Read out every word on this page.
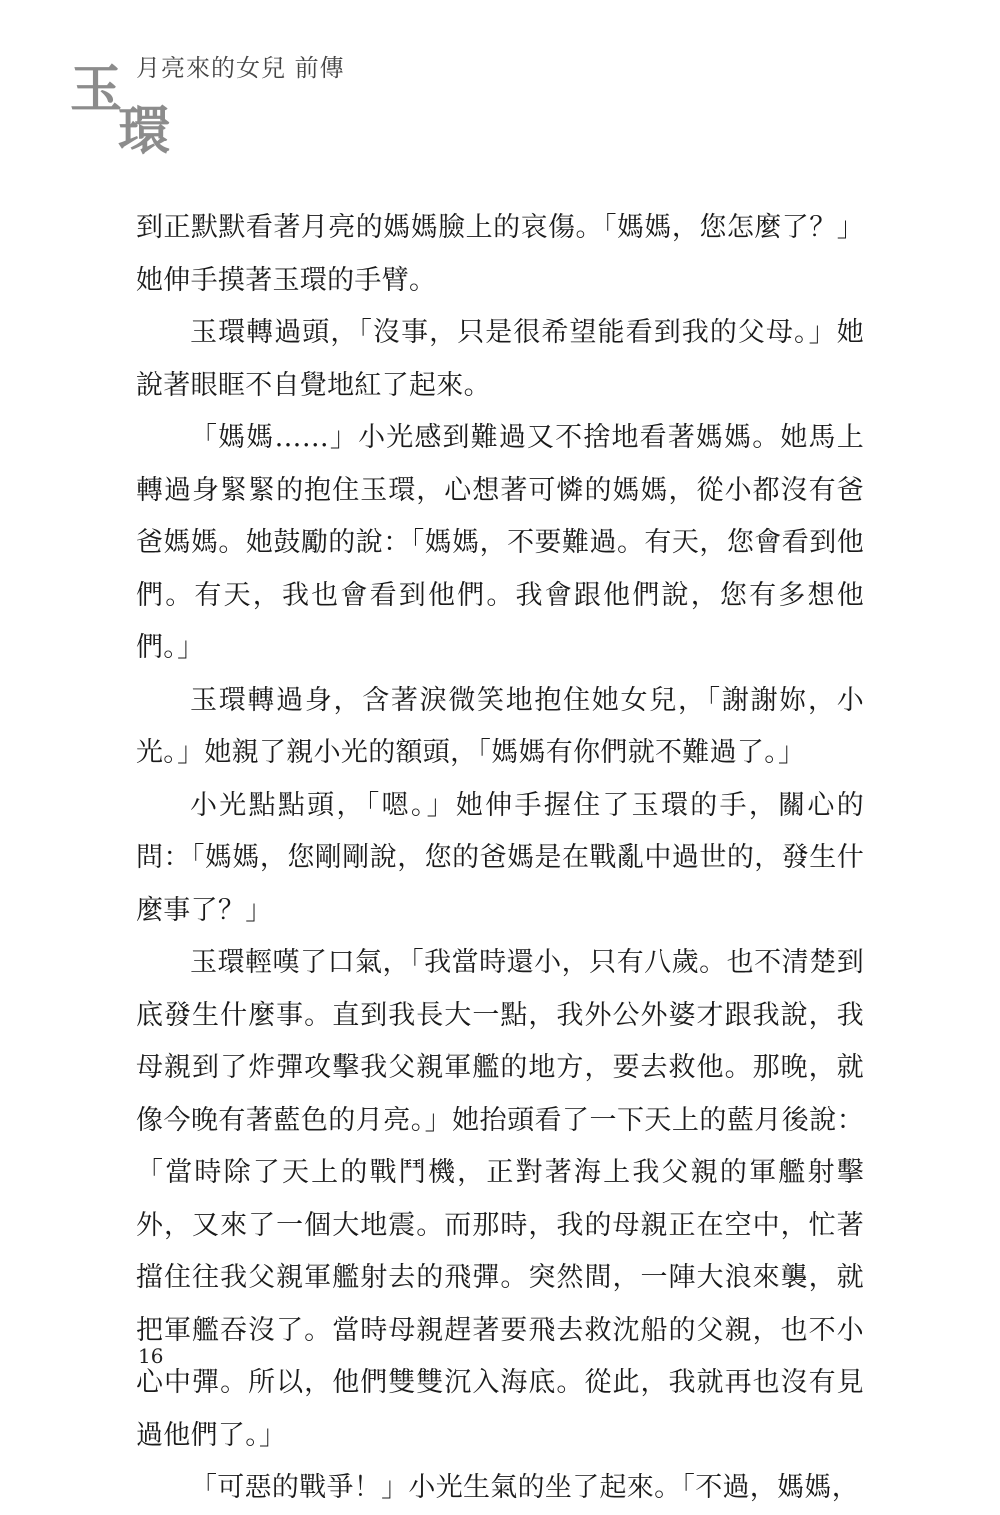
玉
環
月亮來的女兒 前傳

到正默默看著月亮的媽媽臉上的哀傷。「媽媽，您怎麼了？」她伸手摸著玉環的手臂。

玉環轉過頭，「沒事，只是很希望能看到我的父母。」她說著眼眶不自覺地紅了起來。

「媽媽……」小光感到難過又不捨地看著媽媽。她馬上轉過身緊緊的抱住玉環，心想著可憐的媽媽，從小都沒有爸爸媽媽。她鼓勵的說：「媽媽，不要難過。有天，您會看到他們。有天，我也會看到他們。我會跟他們說，您有多想他們。」

玉環轉過身，含著淚微笑地抱住她女兒，「謝謝妳，小光。」她親了親小光的額頭，「媽媽有你們就不難過了。」

小光點點頭，「嗯。」她伸手握住了玉環的手，關心的問：「媽媽，您剛剛說，您的爸媽是在戰亂中過世的，發生什麼事了？」

玉環輕嘆了口氣，「我當時還小，只有八歲。也不清楚到底發生什麼事。直到我長大一點，我外公外婆才跟我說，我母親到了炸彈攻擊我父親軍艦的地方，要去救他。那晚，就像今晚有著藍色的月亮。」她抬頭看了一下天上的藍月後說：「當時除了天上的戰鬥機，正對著海上我父親的軍艦射擊外，又來了一個大地震。而那時，我的母親正在空中，忙著擋住往我父親軍艦射去的飛彈。突然間，一陣大浪來襲，就把軍艦吞沒了。當時母親趕著要飛去救沈船的父親，也不小心中彈。所以，他們雙雙沉入海底。從此，我就再也沒有見過他們了。」

「可惡的戰爭！」小光生氣的坐了起來。「不過，媽媽，

16
